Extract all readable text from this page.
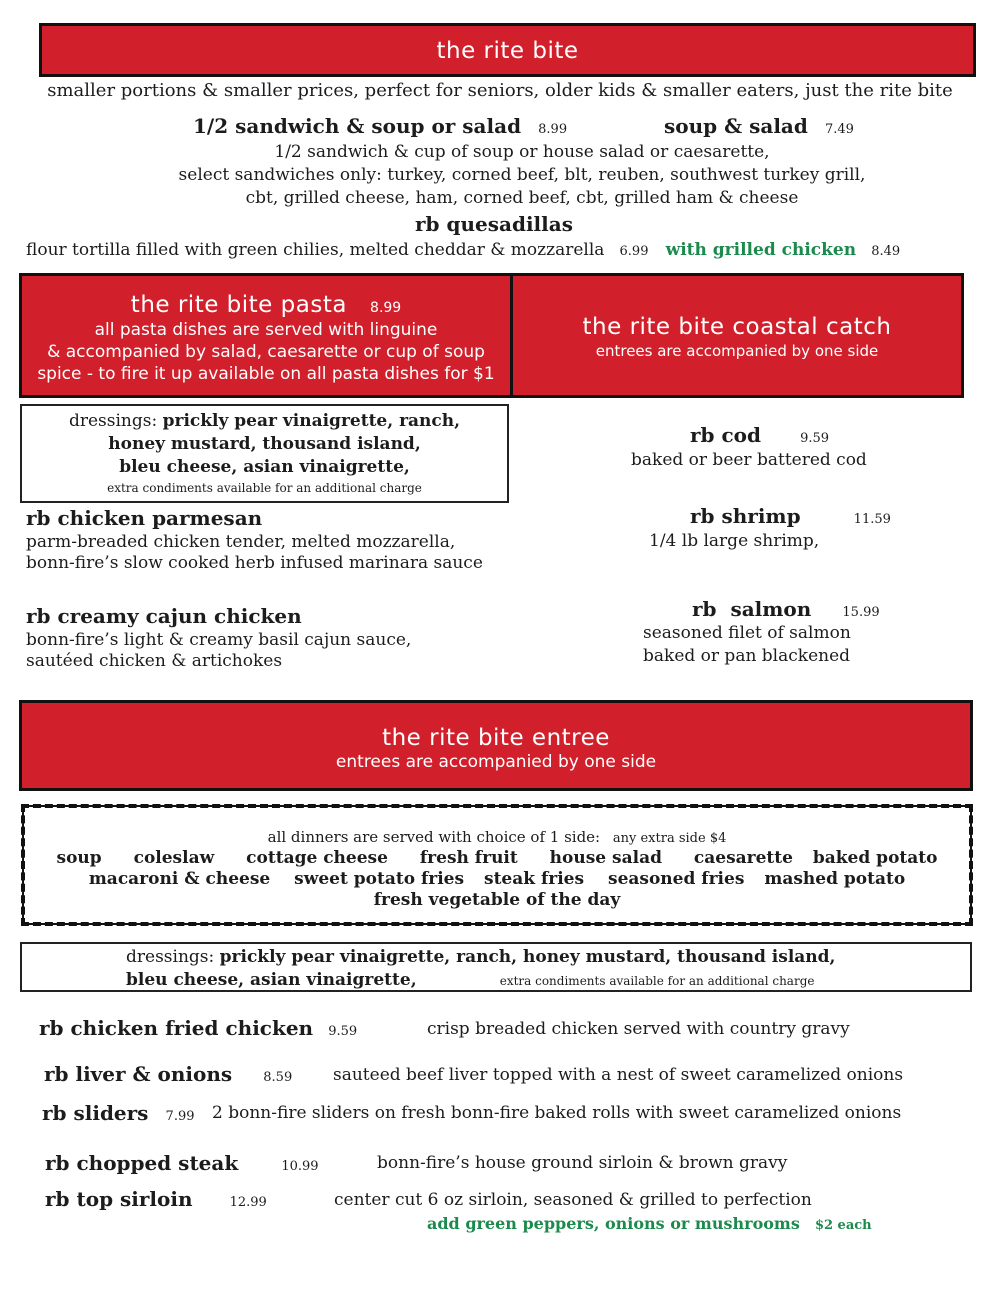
the rite bite
smaller portions & smaller prices, perfect for seniors, older kids & smaller eaters, just the rite bite
1/2 sandwich & soup or salad 8.99	soup & salad 7.49
1/2 sandwich & cup of soup or house salad or caesarette,
select sandwiches only: turkey, corned beef, blt, reuben, southwest turkey grill,
cbt, grilled cheese, ham, corned beef, cbt, grilled ham & cheese
rb quesadillas
flour tortilla filled with green chilies, melted cheddar & mozzarella 6.99 with grilled chicken 8.49
the rite bite pasta 8.99
all pasta dishes are served with linguine
& accompanied by salad, caesarette or cup of soup
spice - to fire it up available on all pasta dishes for $1
the rite bite coastal catch
entrees are accompanied by one side
dressings: prickly pear vinaigrette, ranch,
honey mustard, thousand island,
bleu cheese, asian vinaigrette,
extra condiments available for an additional charge
rb chicken parmesan
parm-breaded chicken tender, melted mozzarella,
bonn-fire’s slow cooked herb infused marinara sauce
rb creamy cajun chicken
bonn-fire’s light & creamy basil cajun sauce,
sautéed chicken & artichokes
rb cod	9.59
baked or beer battered cod
rb shrimp	11.59
1/4 lb large shrimp,
rb  salmon 15.99
seasoned filet of salmon
baked or pan blackened
the rite bite entree
entrees are accompanied by one side
all dinners are served with choice of 1 side: any extra side $4
soup coleslaw cottage cheese fresh fruit house salad caesarette baked potato
macaroni & cheese sweet potato fries steak fries seasoned fries mashed potato
fresh vegetable of the day
dressings: prickly pear vinaigrette, ranch, honey mustard, thousand island,
bleu cheese, asian vinaigrette,	extra condiments available for an additional charge
rb chicken fried chicken 9.59	crisp breaded chicken served with country gravy
rb liver & onions 8.59 sauteed beef liver topped with a nest of sweet caramelized onions
rb sliders 7.99 2 bonn-fire sliders on fresh bonn-fire baked rolls with sweet caramelized onions
rb chopped steak	10.99	bonn-fire’s house ground sirloin & brown gravy
rb top sirloin	12.99	center cut 6 oz sirloin, seasoned & grilled to perfection
add green peppers, onions or mushrooms $2 each
